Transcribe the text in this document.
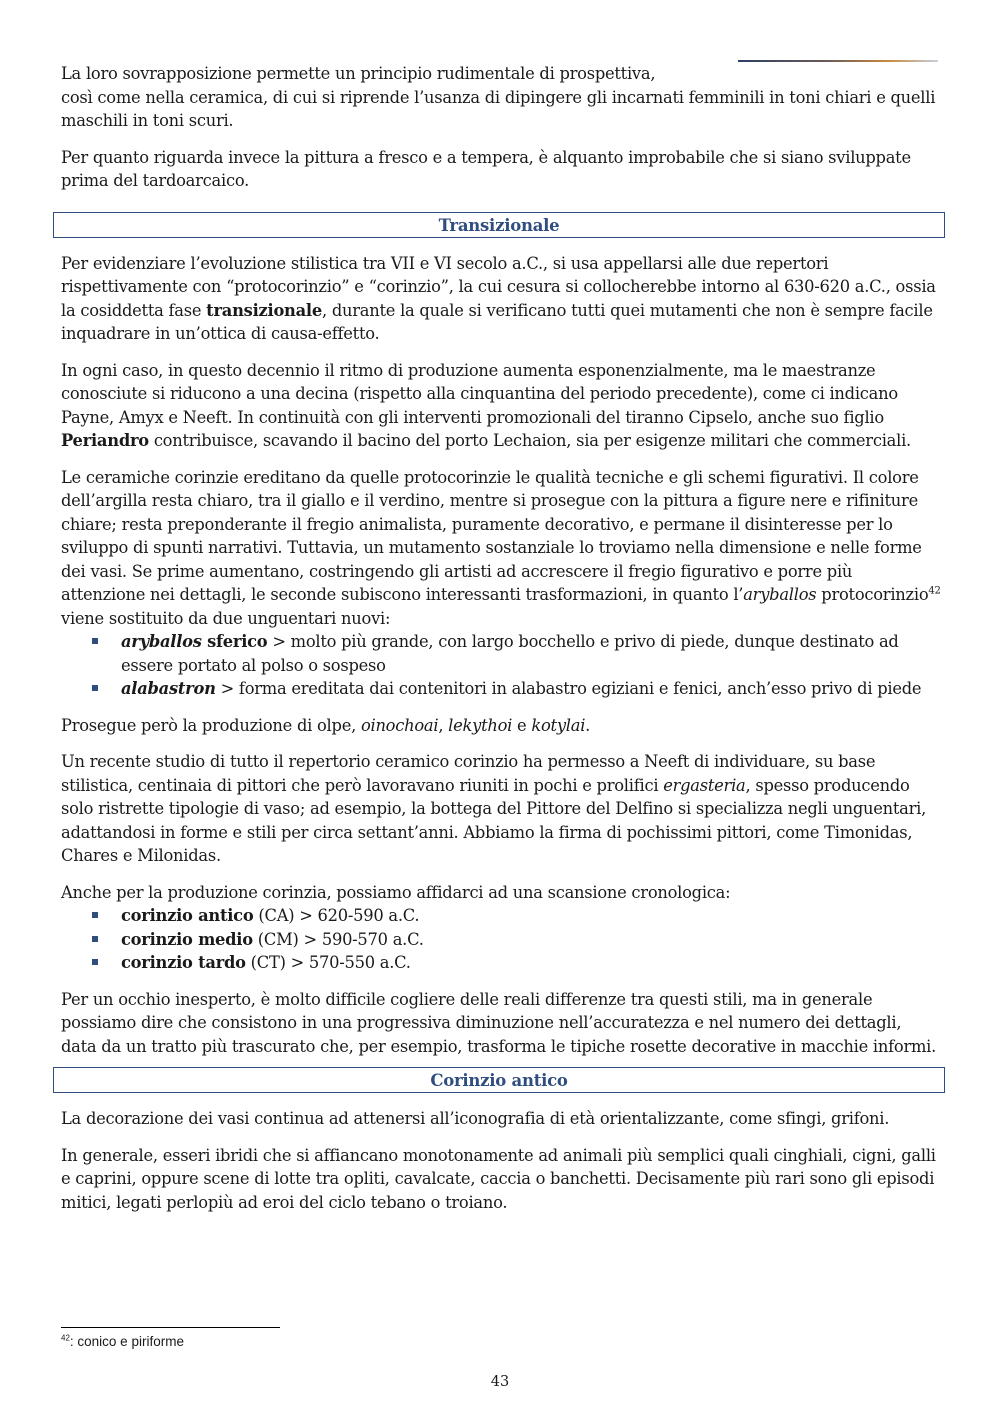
La loro sovrapposizione permette un principio rudimentale di prospettiva,
così come nella ceramica, di cui si riprende l’usanza di dipingere gli incarnati femminili in toni chiari e quelli maschili in toni scuri.

Per quanto riguarda invece la pittura a fresco e a tempera, è alquanto improbabile che si siano sviluppate prima del tardoarcaico.

Transizionale

Per evidenziare l’evoluzione stilistica tra VII e VI secolo a.C., si usa appellarsi alle due repertori rispettivamente con “protocorinzio” e “corinzio”, la cui cesura si collocherebbe intorno al 630-620 a.C., ossia la cosiddetta fase transizionale, durante la quale si verificano tutti quei mutamenti che non è sempre facile inquadrare in un’ottica di causa-effetto.

In ogni caso, in questo decennio il ritmo di produzione aumenta esponenzialmente, ma le maestranze conosciute si riducono a una decina (rispetto alla cinquantina del periodo precedente), come ci indicano Payne, Amyx e Neeft. In continuità con gli interventi promozionali del tiranno Cipselo, anche suo figlio Periandro contribuisce, scavando il bacino del porto Lechaion, sia per esigenze militari che commerciali.

Le ceramiche corinzie ereditano da quelle protocorinzie le qualità tecniche e gli schemi figurativi. Il colore dell’argilla resta chiaro, tra il giallo e il verdino, mentre si prosegue con la pittura a figure nere e rifiniture chiare; resta preponderante il fregio animalista, puramente decorativo, e permane il disinteresse per lo sviluppo di spunti narrativi. Tuttavia, un mutamento sostanziale lo troviamo nella dimensione e nelle forme dei vasi. Se prime aumentano, costringendo gli artisti ad accrescere il fregio figurativo e porre più attenzione nei dettagli, le seconde subiscono interessanti trasformazioni, in quanto l’aryballos protocorinzio$^{42}$ viene sostituito da due unguentari nuovi:

aryballos sferico > molto più grande, con largo bocchello e privo di piede, dunque destinato ad essere portato al polso o sospeso
alabastron > forma ereditata dai contenitori in alabastro egiziani e fenici, anch’esso privo di piede

Prosegue però la produzione di olpe, oinochoai, lekythoi e kotylai.

Un recente studio di tutto il repertorio ceramico corinzio ha permesso a Neeft di individuare, su base stilistica, centinaia di pittori che però lavoravano riuniti in pochi e prolifici ergasteria, spesso producendo solo ristrette tipologie di vaso; ad esempio, la bottega del Pittore del Delfino si specializza negli unguentari, adattandosi in forme e stili per circa settant’anni. Abbiamo la firma di pochissimi pittori, come Timonidas, Chares e Milonidas.

Anche per la produzione corinzia, possiamo affidarci ad una scansione cronologica:

corinzio antico (CA) > 620-590 a.C.
corinzio medio (CM) > 590-570 a.C.
corinzio tardo (CT) > 570-550 a.C.

Per un occhio inesperto, è molto difficile cogliere delle reali differenze tra questi stili, ma in generale possiamo dire che consistono in una progressiva diminuzione nell’accuratezza e nel numero dei dettagli, data da un tratto più trascurato che, per esempio, trasforma le tipiche rosette decorative in macchie informi.

Corinzio antico

La decorazione dei vasi continua ad attenersi all’iconografia di età orientalizzante, come sfingi, grifoni.

In generale, esseri ibridi che si affiancano monotonamente ad animali più semplici quali cinghiali, cigni, galli e caprini, oppure scene di lotte tra opliti, cavalcate, caccia o banchetti. Decisamente più rari sono gli episodi mitici, legati perlopiù ad eroi del ciclo tebano o troiano.

$^{42}$: conico e piriforme
43
